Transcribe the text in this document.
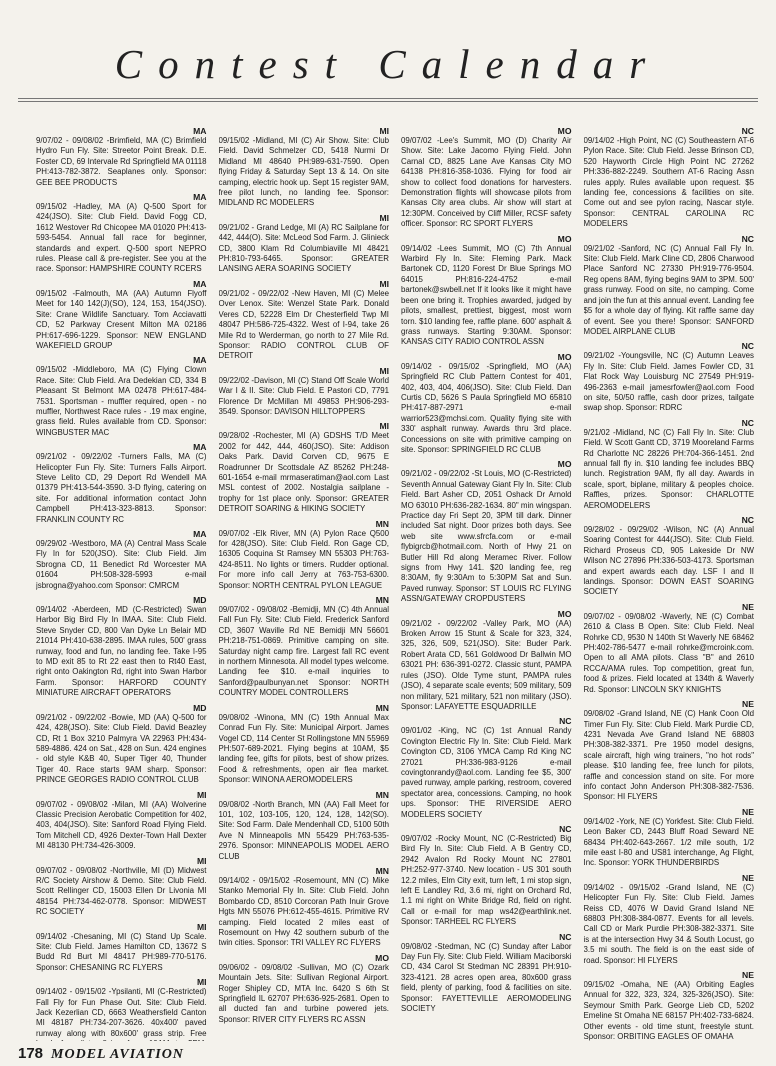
Contest Calendar
MA
9/07/02 - 09/08/02 -Brimfield, MA (C) Brimfield Hydro Fun Fly. Site: Streetor Point Break. D.E. Foster CD, 69 Intervale Rd Springfield MA 01118 PH:413-782-3872. Seaplanes only. Sponsor: GEE BEE PRODUCTS
MA
09/15/02 -Hadley, MA (A) Q-500 Sport for 424(JSO). Site: Club Field. David Fogg CD, 1612 Westover Rd Chicopee MA 01020 PH:413-593-5454. Annual fall race for beginner, standards and expert. Q-500 sport NEPRO rules. Please call & pre-register. See you at the race. Sponsor: HAMPSHIRE COUNTY RCERS
MA
09/15/02 -Falmouth, MA (AA) Autumn Flyoff Meet for 140 142(J)(SO), 124, 153, 154(JSO). Site: Crane Wildlife Sanctuary. Tom Acciavatti CD, 52 Parkway Cresent Milton MA 02186 PH:617-696-1229. Sponsor: NEW ENGLAND WAKEFIELD GROUP
MA
09/15/02 -Middleboro, MA (C) Flying Clown Race. Site: Club Field. Ara Dedekian CD, 334 B Pleasant St Belmont MA 02478 PH:617-484-7531. Sportsman - muffler required, open - no muffler, Northwest Race rules - .19 max engine, grass field. Rules available from CD. Sponsor: WINGBUSTER MAC
MA
09/21/02 - 09/22/02 -Turners Falls, MA (C) Helicopter Fun Fly. Site: Turners Falls Airport. Steve Lelito CD, 29 Deport Rd Wendell MA 01379 PH:413-544-3590. 3-D flying, catering on site. For additional information contact John Campbell PH:413-323-8813. Sponsor: FRANKLIN COUNTY RC
MA
09/29/02 -Westboro, MA (A) Central Mass Scale Fly In for 520(JSO). Site: Club Field. Jim Sbrogna CD, 11 Benedict Rd Worcester MA 01604 PH:508-328-5993 e-mail jsbrogna@yahoo.com Sponsor: CMRCM
MD
09/14/02 -Aberdeen, MD (C-Restricted) Swan Harbor Big Bird Fly In IMAA. Site: Club Field. Steve Snyder CD, 800 Van Dyke Ln Belair MD 21014 PH:410-638-2895. IMAA rules, 500' grass runway, food and fun, no landing fee. Take I-95 to MD exit 85 to Rt 22 east then to Rt40 East, right onto Oakington Rd, right into Swan Harbor Farm. Sponsor: HARFORD COUNTY MINIATURE AIRCRAFT OPERATORS
MD
09/21/02 - 09/22/02 -Bowie, MD (AA) Q-500 for 424, 428(JSO). Site: Club Field. David Beazley CD, Rt 1 Box 3210 Palmyra VA 22963 PH:434-589-4886. 424 on Sat., 428 on Sun. 424 engines - old style K&B 40, Super Tiger 40, Thunder Tiger 40. Race starts 9AM sharp. Sponsor: PRINCE GEORGES RADIO CONTROL CLUB
MI
09/07/02 - 09/08/02 -Milan, MI (AA) Wolverine Classic Precision Aerobatic Competition for 402, 403, 404(JSO). Site: Sanford Road Flying Field. Tom Mitchell CD, 4926 Dexter-Town Hall Dexter MI 48130 PH:734-426-3009.
MI
09/07/02 - 09/08/02 -Northville, MI (D) Midwest R/C Society Airshow & Demo. Site: Club Field. Scott Rellinger CD, 15003 Ellen Dr Livonia MI 48154 PH:734-462-0778. Sponsor: MIDWEST RC SOCIETY
MI
09/14/02 -Chesaning, MI (C) Stand Up Scale. Site: Club Field. James Hamilton CD, 13672 S Budd Rd Burt MI 48417 PH:989-770-5176. Sponsor: CHESANING RC FLYERS
MI
09/14/02 - 09/15/02 -Ypsilanti, MI (C-Restricted) Fall Fly for Fun Phase Out. Site: Club Field. Jack Kezerlian CD, 6663 Weathersfield Canton MI 48187 PH:734-207-3626. 40x400' paved runway along with 80x600' grass strip. Free
MI
09/15/02 -Midland, MI (C) Air Show. Site: Club Field. David Schmelzer CD, 5418 Nurmi Dr Midland MI 48640 PH:989-631-7590. Open flying Friday & Saturday Sept 13 & 14. On site camping, electric hook up. Sept 15 register 9AM, free pilot lunch, no landing fee. Sponsor: MIDLAND RC MODELERS
MI
09/21/02 - Grand Ledge, MI (A) RC Sailplane for 442, 444(O). Site: McLeod Sod Farm. J. Glinieck CD, 3800 Klam Rd Columbiaville MI 48421 PH:810-793-6465. Sponsor: GREATER LANSING AERA SOARING SOCIETY
MI
09/21/02 - 09/22/02 -New Haven, MI (C) Melee Over Lenox. Site: Wenzel State Park. Donald Veres CD, 52228 Elm Dr Chesterfield Twp MI 48047 PH:586-725-4322. West of I-94, take 26 Mile Rd to Werderman, go north to 27 Mile Rd. Sponsor: RADIO CONTROL CLUB OF DETROIT
MI
09/22/02 -Davison, MI (C) Stand Off Scale World War I & II. Site: Club Field. E Pastori CD, 7791 Florence Dr McMillan MI 49853 PH:906-293-3549. Sponsor: DAVISON HILLTOPPERS
MI
09/28/02 -Rochester, MI (A) GDSHS T/D Meet 2002 for 442, 444, 460(JSO). Site: Addison Oaks Park. David Corven CD, 9675 E Roadrunner Dr Scottsdale AZ 85262 PH:248-601-1654 e-mail mrmaseratiman@aol.com Last MSL contest of 2002. Nostalgia sailplane - trophy for 1st place only. Sponsor: GREATER DETROIT SOARING & HIKING SOCIETY
MN
09/07/02 -Elk River, MN (A) Pylon Race Q500 for 428(JSO). Site: Club Field. Ron Gage CD, 16305 Coquina St Ramsey MN 55303 PH:763-424-8511. No lights or timers. Rudder optional. For more info call Jerry at 763-753-6300. Sponsor: NORTH CENTRAL PYLON LEAGUE
MN
09/07/02 - 09/08/02 -Bemidji, MN (C) 4th Annual Fall Fun Fly. Site: Club Field. Frederick Sanford CD, 3607 Waville Rd NE Bemidji MN 56601 PH:218-751-0869. Primitive camping on site. Saturday night camp fire. Largest fall RC event in northern Minnesota. All model types welcome. Landing fee $10. e-mail inquiries to Sanford@paulbunyan.net Sponsor: NORTH COUNTRY MODEL CONTROLLERS
MN
09/08/02 -Winona, MN (C) 19th Annual Max Conrad Fun Fly. Site: Municipal Airport. James Vogel CD, 114 Center St Rollingstone MN 55969 PH:507-689-2021. Flying begins at 10AM, $5 landing fee, gifts for pilots, best of show prizes. Food & refreshments, open air flea market. Sponsor: WINONA AEROMODELERS
MN
09/08/02 -North Branch, MN (AA) Fall Meet for 101, 102, 103-105, 120, 124, 128, 142(SO). Site: Sod Farm. Dale Mendenhall CD, 5100 50th Ave N Minneapolis MN 55429 PH:763-535-2976. Sponsor: MINNEAPOLIS MODEL AERO CLUB
MN
09/14/02 - 09/15/02 -Rosemount, MN (C) Mike Stanko Memorial Fly In. Site: Club Field. John Bombardo CD, 8510 Corcoran Path Inuir Grove Hgts MN 55076 PH:612-455-4615. Primitive RV camping. Field located 2 miles east of Rosemount on Hwy 42 southern suburb of the twin cities. Sponsor: TRI VALLEY RC FLYERS
MO
09/06/02 - 09/08/02 -Sullivan, MO (C) Ozark Mountain Jets. Site: Sullivan Regional Airport. Roger Shipley CD, MTA Inc. 6420 S 6th St Springfield IL 62707 PH:636-925-2681. Open to all ducted fan and turbine powered jets. Sponsor: RIVER CITY FLYERS RC ASSN
MO
09/07/02 -Lee's Summit, MO (D) Charity Air Show. Site: Lake Jacomo Flying Field. John Carnal CD, 8825 Lane Ave Kansas City MO 64138 PH:816-358-1036. Flying for food air show to collect food donations for harvesters. Demonstration flights will showcase pilots from Kansas City area clubs. Air show will start at 12:30PM. Conceived by Cliff Miller, RCSF safety officer. Sponsor: RC SPORT FLYERS
MO
09/14/02 -Lees Summit, MO (C) 7th Annual Warbird Fly In. Site: Fleming Park. Mack Bartonek CD, 1120 Forest Dr Blue Springs MO 64015 PH:816-224-4752 e-mail bartonek@swbell.net If it looks like it might have been one bring it. Trophies awarded, judged by pilots, smallest, prettiest, biggest, most worn torn. $10 landing fee, raffle plane. 600' asphalt & grass runways. Starting 9:30AM. Sponsor: KANSAS CITY RADIO CONTROL ASSN
MO
09/14/02 - 09/15/02 -Springfield, MO (AA) Springfield RC Club Pattern Contest for 401, 402, 403, 404, 406(JSO). Site: Club Field. Dan Curtis CD, 5626 S Paula Springfield MO 65810 PH:417-887-2971 e-mail warrior523@mchsi.com. Quality flying site with 330' asphalt runway. Awards thru 3rd place. Concessions on site with primitive camping on site. Sponsor: SPRINGFIELD RC CLUB
MO
09/21/02 - 09/22/02 -St Louis, MO (C-Restricted) Seventh Annual Gateway Giant Fly In. Site: Club Field. Bart Asher CD, 2051 Oshack Dr Arnold MO 63010 PH:636-282-1634. 80" min wingspan. Practice day Fri Sept 20, 3PM till dark. Dinner included Sat night. Door prizes both days. See web site www.sfrcfa.com or e-mail flybigrcb@hotmail.com. North of Hwy 21 on Butler Hill Rd along Meramec River. Follow signs from Hwy 141. $20 landing fee, reg 8:30AM, fly 9:30Am to 5:30PM Sat and Sun. Paved runway. Sponsor: ST LOUIS RC FLYING ASSN/GATEWAY CROPDUSTERS
MO
09/21/02 - 09/22/02 -Valley Park, MO (AA) Broken Arrow 15 Stunt & Scale for 323, 324, 325, 326, 509, 521(JSO). Site: Buder Park. Robert Arata CD, 561 Goldwood Dr Ballwin MO 63021 PH: 636-391-0272. Classic stunt, PAMPA rules (JSO). Olde Tyme stunt, PAMPA rules (JSO), 4 separate scale events; 509 military, 509 non military, 521 military, 521 non military (JSO). Sponsor: LAFAYETTE ESQUADRILLE
NC
09/01/02 -King, NC (C) 1st Annual Randy Covington Electric Fly In. Site: Club Field. Mark Covington CD, 3106 YMCA Camp Rd King NC 27021 PH:336-983-9126 e-mail covingtonrandy@aol.com. Landing fee $5, 300' paved runway, ample parking, restroom, covered spectator area, concessions. Camping, no hook ups. Sponsor: THE RIVERSIDE AERO MODELERS SOCIETY
NC
09/07/02 -Rocky Mount, NC (C-Restricted) Big Bird Fly In. Site: Club Field. A B Gentry CD, 2942 Avalon Rd Rocky Mount NC 27801 PH:252-977-3740. New location - US 301 south 12.2 miles, Elm City exit, turn left, 1 mi stop sign, left E Landley Rd, 3.6 mi, right on Orchard Rd, 1.1 mi right on White Bridge Rd, field on right. Call or e-mail for map ws42@earthlink.net. Sponsor: TARHEEL RC FLYERS
NC
09/08/02 -Stedman, NC (C) Sunday after Labor Day Fun Fly. Site: Club Field. William Maciborski CD, 434 Carol St Stedman NC 28391 PH:910-323-4121. 28 acres open area, 80x600 grass field, plenty of parking, food & facilities on site. Sponsor: FAYETTEVILLE AEROMODELING SOCIETY
NC
09/14/02 -High Point, NC (C) Southeastern AT-6 Pylon Race. Site: Club Field. Jesse Brinson CD, 520 Hayworth Circle High Point NC 27262 PH:336-882-2249. Southern AT-6 Racing Assn rules apply. Rules available upon request. $5 landing fee, concessions & facilities on site. Come out and see pylon racing, Nascar style. Sponsor: CENTRAL CAROLINA RC MODELERS
NC
09/21/02 -Sanford, NC (C) Annual Fall Fly In. Site: Club Field. Mark Cline CD, 2806 Charwood Place Sanford NC 27330 PH:919-776-9504. Reg opens 8AM, flying begins 9AM to 3PM. 500' grass runway. Food on site, no camping. Come and join the fun at this annual event. Landing fee $5 for a whole day of flying. Kit raffle same day of event. See you there! Sponsor: SANFORD MODEL AIRPLANE CLUB
NC
09/21/02 -Youngsville, NC (C) Autumn Leaves Fly In. Site: Club Field. James Fowler CD, 31 Flat Rock Way Louisburg NC 27549 PH:919-496-2363 e-mail jamesrfowler@aol.com Food on site, 50/50 raffle, cash door prizes, tailgate swap shop. Sponsor: RDRC
NC
9/21/02 -Midland, NC (C) Fall Fly In. Site: Club Field. W Scott Gantt CD, 3719 Mooreland Farms Rd Charlotte NC 28226 PH:704-366-1451. 2nd annual fall fly in. $10 landing fee includes BBQ lunch. Registration 9AM, fly all day. Awards in scale, sport, biplane, military & peoples choice. Raffles, prizes. Sponsor: CHARLOTTE AEROMODELERS
NC
09/28/02 - 09/29/02 -Wilson, NC (A) Annual Soaring Contest for 444(JSO). Site: Club Field. Richard Proseus CD, 905 Lakeside Dr NW Wilson NC 27896 PH:336-503-4173. Sportsman and expert awards each day. LSF I and II landings. Sponsor: DOWN EAST SOARING SOCIETY
NE
09/07/02 - 09/08/02 -Waverly, NE (C) Combat 2610 & Class B Open. Site: Club Field. Neal Rohrke CD, 9530 N 140th St Waverly NE 68462 PH:402-786-5477 e-mail rohrke@mcroink.com. Open to all AMA pilots. Class "B" and 2610 RCCA/AMA rules. Top competition, great fun, food & prizes. Field located at 134th & Waverly Rd. Sponsor: LINCOLN SKY KNIGHTS
NE
09/08/02 -Grand Island, NE (C) Hank Coon Old Timer Fun Fly. Site: Club Field. Mark Purdie CD, 4231 Nevada Ave Grand Island NE 68803 PH:308-382-3371. Pre 1950 model designs, scale aircraft, high wing trainers, "no hot rods" please. $10 landing fee, free lunch for pilots, raffle and concession stand on site. For more info contact John Anderson PH:308-382-7536. Sponsor: HI FLYERS
NE
09/14/02 -York, NE (C) Yorkfest. Site: Club Field. Leon Baker CD, 2443 Bluff Road Seward NE 68434 PH:402-643-2667. 1/2 mile south, 1/2 mile east I-80 and US81 interchange, Ag Flight, Inc. Sponsor: YORK THUNDERBIRDS
NE
09/14/02 - 09/15/02 -Grand Island, NE (C) Helicopter Fun Fly. Site: Club Field. James Reiss CD, 4076 W David Grand Island NE 68803 PH:308-384-0877. Events for all levels. Call CD or Mark Purdie PH:308-382-3371. Site is at the intersection Hwy 34 & South Locust, go 3.5 mi south. The field is on the east side of road. Sponsor: HI FLYERS
NE
09/15/02 -Omaha, NE (AA) Orbiting Eagles Annual for 322, 323, 324, 325-326(JSO). Site: Seymour Smith Park. George Lieb CD, 5202 Emeline St Omaha NE 68157 PH:402-733-6824. Other events - old time stunt, freestyle stunt. Sponsor: ORBITING EAGLES OF OMAHA
178 MODEL AVIATION
